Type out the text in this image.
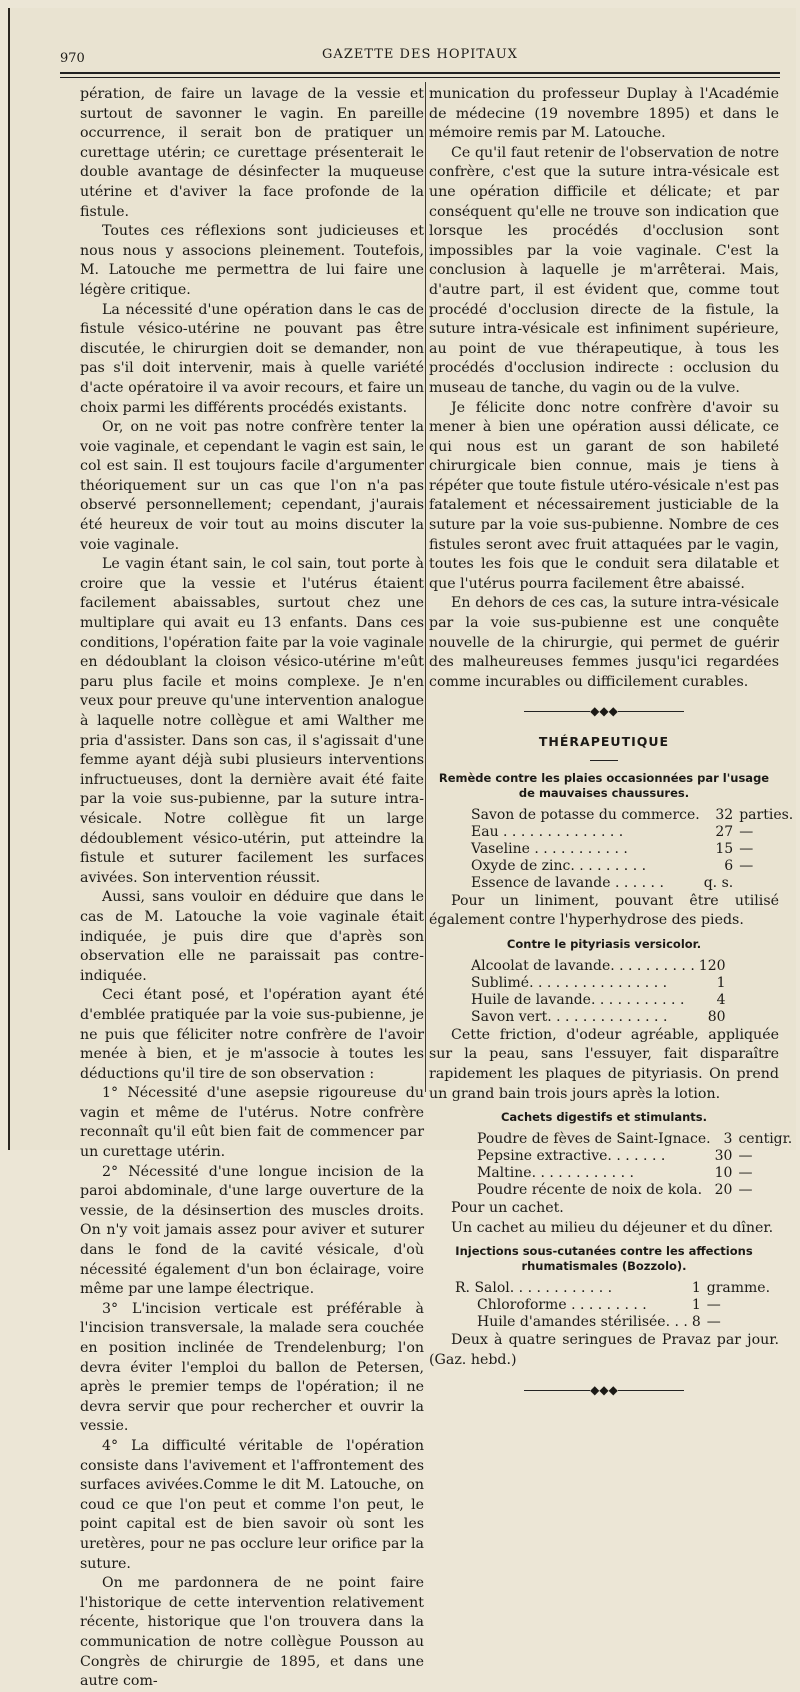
970	GAZETTE DES HOPITAUX

pération, de faire un lavage de la vessie et surtout de savonner le vagin. En pareille occurrence, il serait bon de pratiquer un curettage utérin; ce curettage présenterait le double avantage de désinfecter la muqueuse utérine et d'aviver la face profonde de la fistule.

Toutes ces réflexions sont judicieuses et nous nous y associons pleinement. Toutefois, M. Latouche me permettra de lui faire une légère critique.

La nécessité d'une opération dans le cas de fistule vésico-utérine ne pouvant pas être discutée, le chirurgien doit se demander, non pas s'il doit intervenir, mais à quelle variété d'acte opératoire il va avoir recours, et faire un choix parmi les différents procédés existants.

Or, on ne voit pas notre confrère tenter la voie vaginale, et cependant le vagin est sain, le col est sain. Il est toujours facile d'argumenter théoriquement sur un cas que l'on n'a pas observé personnellement; cependant, j'aurais été heureux de voir tout au moins discuter la voie vaginale.

Le vagin étant sain, le col sain, tout porte à croire que la vessie et l'utérus étaient facilement abaissables, surtout chez une multiplare qui avait eu 13 enfants. Dans ces conditions, l'opération faite par la voie vaginale en dédoublant la cloison vésico-utérine m'eût paru plus facile et moins complexe. Je n'en veux pour preuve qu'une intervention analogue à laquelle notre collègue et ami Walther me pria d'assister. Dans son cas, il s'agissait d'une femme ayant déjà subi plusieurs interventions infructueuses, dont la dernière avait été faite par la voie sus-pubienne, par la suture intra-vésicale. Notre collègue fit un large dédoublement vésico-utérin, put atteindre la fistule et suturer facilement les surfaces avivées. Son intervention réussit.

Aussi, sans vouloir en déduire que dans le cas de M. Latouche la voie vaginale était indiquée, je puis dire que d'après son observation elle ne paraissait pas contre-indiquée.

Ceci étant posé, et l'opération ayant été d'emblée pratiquée par la voie sus-pubienne, je ne puis que féliciter notre confrère de l'avoir menée à bien, et je m'associe à toutes les déductions qu'il tire de son observation :

1° Nécessité d'une asepsie rigoureuse du vagin et même de l'utérus. Notre confrère reconnaît qu'il eût bien fait de commencer par un curettage utérin.

2° Nécessité d'une longue incision de la paroi abdominale, d'une large ouverture de la vessie, de la désinsertion des muscles droits. On n'y voit jamais assez pour aviver et suturer dans le fond de la cavité vésicale, d'où nécessité également d'un bon éclairage, voire même par une lampe électrique.

3° L'incision verticale est préférable à l'incision transversale, la malade sera couchée en position inclinée de Trendelenburg; l'on devra éviter l'emploi du ballon de Petersen, après le premier temps de l'opération; il ne devra servir que pour rechercher et ouvrir la vessie.

4° La difficulté véritable de l'opération consiste dans l'avivement et l'affrontement des surfaces avivées.Comme le dit M. Latouche, on coud ce que l'on peut et comme l'on peut, le point capital est de bien savoir où sont les uretères, pour ne pas occlure leur orifice par la suture.

On me pardonnera de ne point faire l'historique de cette intervention relativement récente, historique que l'on trouvera dans la communication de notre collègue Pousson au Congrès de chirurgie de 1895, et dans une autre com-

munication du professeur Duplay à l'Académie de médecine (19 novembre 1895) et dans le mémoire remis par M. Latouche.

Ce qu'il faut retenir de l'observation de notre confrère, c'est que la suture intra-vésicale est une opération difficile et délicate; et par conséquent qu'elle ne trouve son indication que lorsque les procédés d'occlusion sont impossibles par la voie vaginale. C'est la conclusion à laquelle je m'arrêterai. Mais, d'autre part, il est évident que, comme tout procédé d'occlusion directe de la fistule, la suture intra-vésicale est infiniment supérieure, au point de vue thérapeutique, à tous les procédés d'occlusion indirecte : occlusion du museau de tanche, du vagin ou de la vulve.

Je félicite donc notre confrère d'avoir su mener à bien une opération aussi délicate, ce qui nous est un garant de son habileté chirurgicale bien connue, mais je tiens à répéter que toute fistule utéro-vésicale n'est pas fatalement et nécessairement justiciable de la suture par la voie sus-pubienne. Nombre de ces fistules seront avec fruit attaquées par le vagin, toutes les fois que le conduit sera dilatable et que l'utérus pourra facilement être abaissé.

En dehors de ces cas, la suture intra-vésicale par la voie sus-pubienne est une conquête nouvelle de la chirurgie, qui permet de guérir des malheureuses femmes jusqu'ici regardées comme incurables ou difficilement curables.

◆◆◆
THÉRAPEUTIQUE
Remède contre les plaies occasionnées par l'usage de mauvaises chaussures.
Savon de potasse du commerce.	32	parties.
Eau . . . . . . . . . . . . . .	27	—
Vaseline . . . . . . . . . . .	15	—
Oxyde de zinc. . . . . . . . .	6	—
Essence de lavande . . . . . .	q. s.	

Pour un liniment, pouvant être utilisé également contre l'hyperhydrose des pieds.

Contre le pityriasis versicolor.
Alcoolat de lavande. . . . . . . . . .	120
Sublimé. . . . . . . . . . . . . . . .	1
Huile de lavande. . . . . . . . . . .	4
Savon vert. . . . . . . . . . . . . .	80

Cette friction, d'odeur agréable, appliquée sur la peau, sans l'essuyer, fait disparaître rapidement les plaques de pityriasis. On prend un grand bain trois jours après la lotion.

Cachets digestifs et stimulants.
Poudre de fèves de Saint-Ignace.	3	centigr.
Pepsine extractive. . . . . . .	30	—
Maltine. . . . . . . . . . . .	10	—
Poudre récente de noix de kola.	20	—

Pour un cachet.

Un cachet au milieu du déjeuner et du dîner.

Injections sous-cutanées contre les affections rhumatismales (Bozzolo).
R. Salol. . . . . . . . . . . .	1	gramme.
Chloroforme . . . . . . . . .	1	—
Huile d'amandes stérilisée. . .	8	—

Deux à quatre seringues de Pravaz par jour. (Gaz. hebd.)

◆◆◆
